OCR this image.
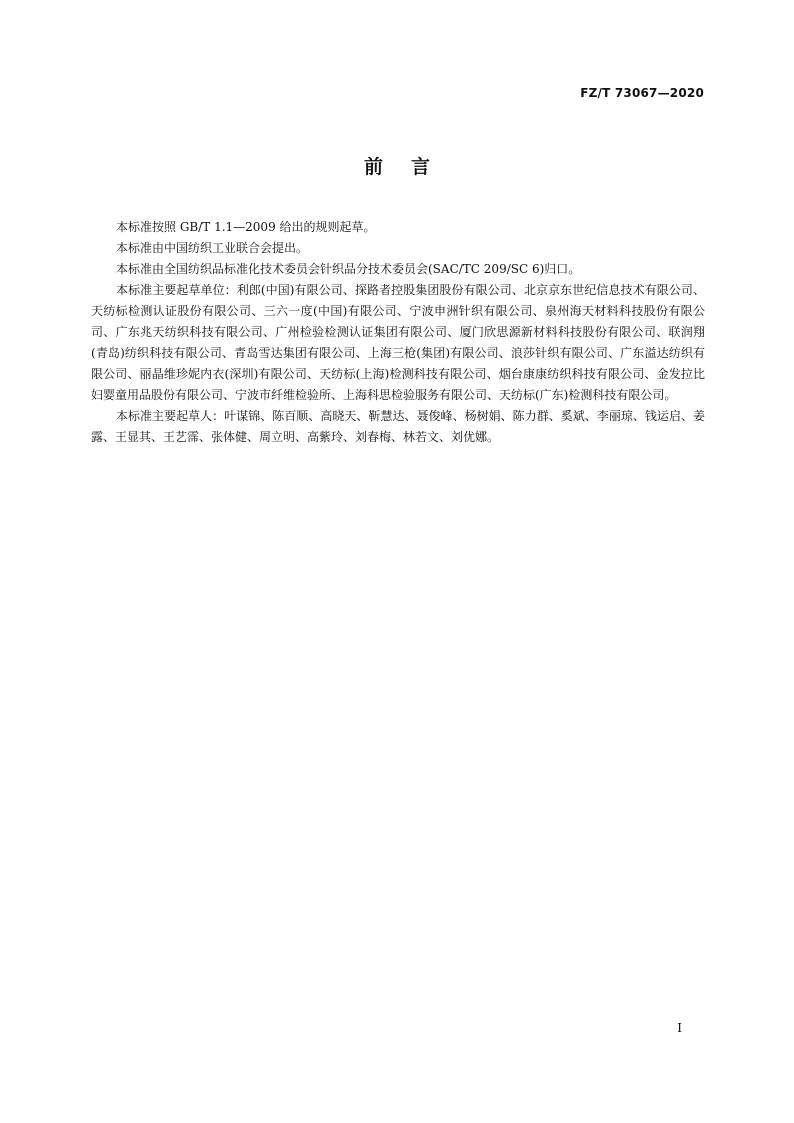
FZ/T 73067—2020
前言

本标准按照 GB/T 1.1—2009 给出的规则起草。

本标准由中国纺织工业联合会提出。

本标准由全国纺织品标准化技术委员会针织品分技术委员会(SAC/TC 209/SC 6)归口。

本标准主要起草单位：利郎(中国)有限公司、探路者控股集团股份有限公司、北京京东世纪信息技术有限公司、天纺标检测认证股份有限公司、三六一度(中国)有限公司、宁波申洲针织有限公司、泉州海天材料科技股份有限公司、广东兆天纺织科技有限公司、广州检验检测认证集团有限公司、厦门欣思源新材料科技股份有限公司、联润翔(青岛)纺织科技有限公司、青岛雪达集团有限公司、上海三枪(集团)有限公司、浪莎针织有限公司、广东溢达纺织有限公司、丽晶维珍妮内衣(深圳)有限公司、天纺标(上海)检测科技有限公司、烟台康康纺织科技有限公司、金发拉比妇婴童用品股份有限公司、宁波市纤维检验所、上海科思检验服务有限公司、天纺标(广东)检测科技有限公司。

本标准主要起草人：叶谋锦、陈百顺、高晓天、靳慧达、聂俊峰、杨树娟、陈力群、奚斌、李丽琼、钱运启、姜露、王显其、王艺霈、张体健、周立明、高紫玲、刘春梅、林若文、刘优娜。

I
